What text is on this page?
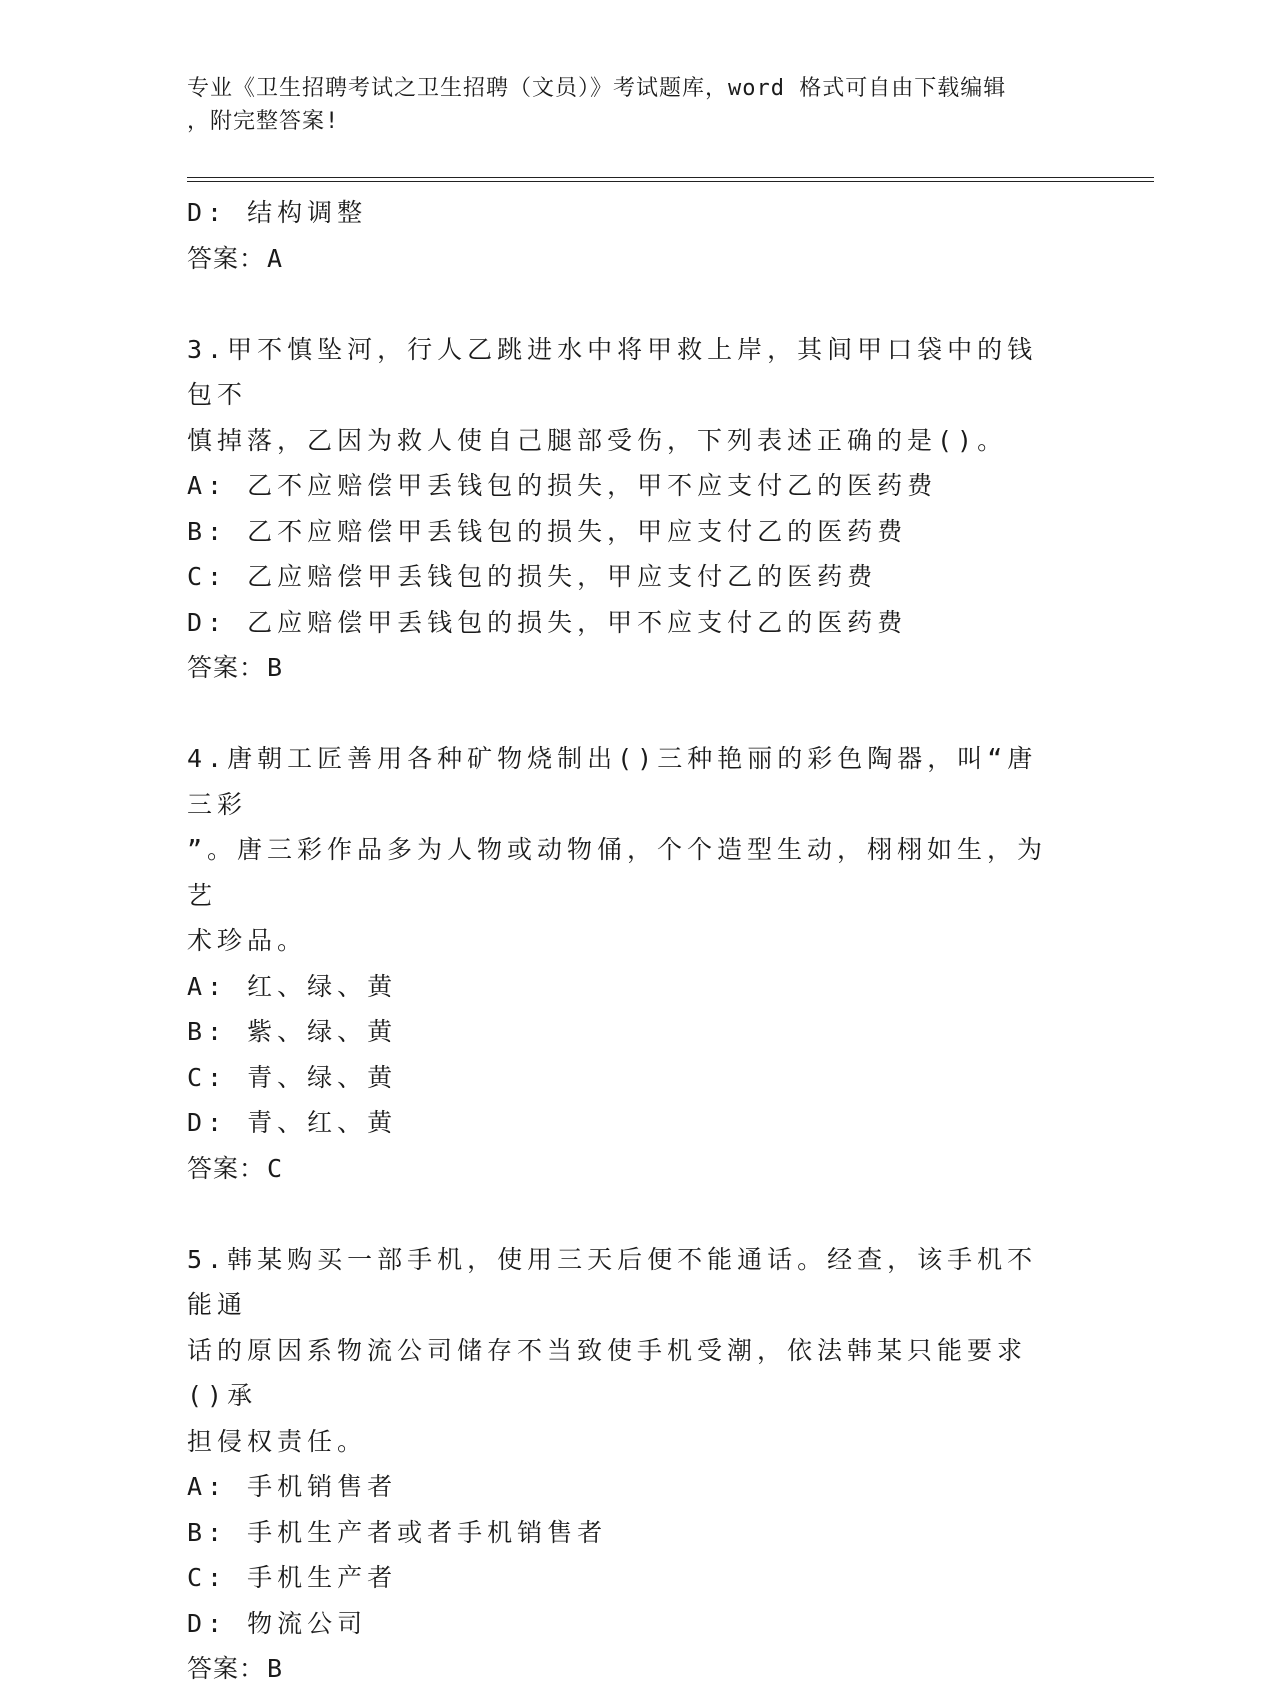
专业《卫生招聘考试之卫生招聘（文员）》考试题库，word 格式可自由下载编辑
，附完整答案!
D: 结构调整
答案：A
3.甲不慎坠河，行人乙跳进水中将甲救上岸，其间甲口袋中的钱包不
慎掉落，乙因为救人使自己腿部受伤，下列表述正确的是()。
A: 乙不应赔偿甲丢钱包的损失，甲不应支付乙的医药费
B: 乙不应赔偿甲丢钱包的损失，甲应支付乙的医药费
C: 乙应赔偿甲丢钱包的损失，甲应支付乙的医药费
D: 乙应赔偿甲丢钱包的损失，甲不应支付乙的医药费
答案：B
4.唐朝工匠善用各种矿物烧制出()三种艳丽的彩色陶器，叫“唐三彩
”。唐三彩作品多为人物或动物俑，个个造型生动，栩栩如生，为艺
术珍品。
A: 红、绿、黄
B: 紫、绿、黄
C: 青、绿、黄
D: 青、红、黄
答案：C
5.韩某购买一部手机，使用三天后便不能通话。经查，该手机不能通
话的原因系物流公司储存不当致使手机受潮，依法韩某只能要求()承
担侵权责任。
A: 手机销售者
B: 手机生产者或者手机销售者
C: 手机生产者
D: 物流公司
答案：B
